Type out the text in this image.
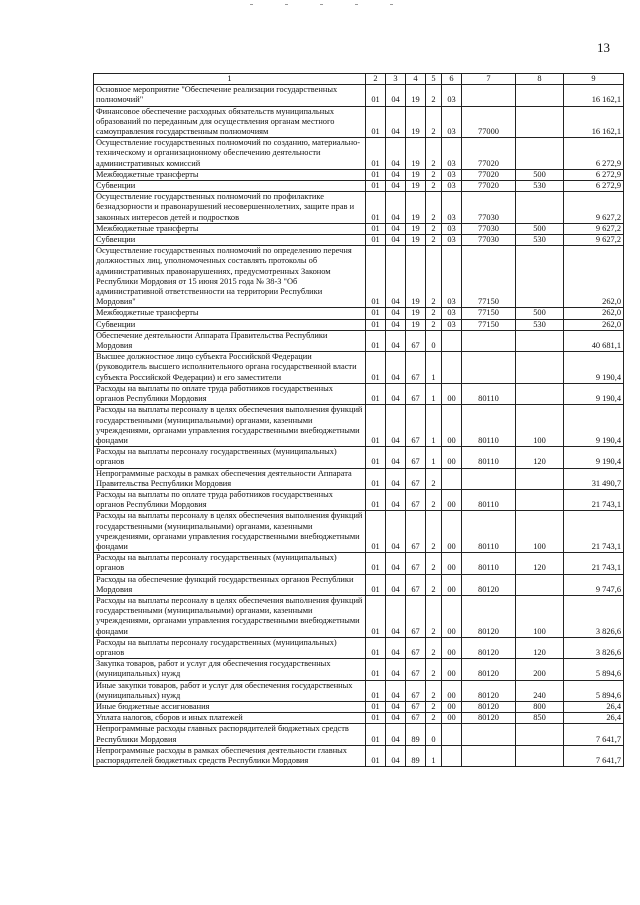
13
1	2	3	4	5	6	7	8	9
Основное мероприятие "Обеспечение реализации государственных полномочий"	01	04	19	2	03			16 162,1
Финансовое обеспечение расходных обязательств муниципальных образований по переданным для осуществления органам местного самоуправления государственным полномочиям	01	04	19	2	03	77000		16 162,1
Осуществление государственных полномочий по созданию, материально-техническому и организационному обеспечению деятельности административных комиссий	01	04	19	2	03	77020		6 272,9
Межбюджетные трансферты	01	04	19	2	03	77020	500	6 272,9
Субвенции	01	04	19	2	03	77020	530	6 272,9
Осуществление государственных полномочий по профилактике безнадзорности и правонарушений несовершеннолетних, защите прав и законных интересов детей и подростков	01	04	19	2	03	77030		9 627,2
Межбюджетные трансферты	01	04	19	2	03	77030	500	9 627,2
Субвенции	01	04	19	2	03	77030	530	9 627,2
Осуществление государственных полномочий по определению перечня должностных лиц, уполномоченных составлять протоколы об административных правонарушениях, предусмотренных Законом Республики Мордовия от 15 июня 2015 года № 38-З "Об административной ответственности на территории Республики Мордовия"	01	04	19	2	03	77150		262,0
Межбюджетные трансферты	01	04	19	2	03	77150	500	262,0
Субвенции	01	04	19	2	03	77150	530	262,0
Обеспечение деятельности Аппарата Правительства Республики Мордовия	01	04	67	0				40 681,1
Высшее должностное лицо субъекта Российской Федерации (руководитель высшего исполнительного органа государственной власти субъекта Российской Федерации) и его заместители	01	04	67	1				9 190,4
Расходы на выплаты по оплате труда работников государственных органов Республики Мордовия	01	04	67	1	00	80110		9 190,4
Расходы на выплаты персоналу в целях обеспечения выполнения функций государственными (муниципальными) органами, казенными учреждениями, органами управления государственными внебюджетными фондами	01	04	67	1	00	80110	100	9 190,4
Расходы на выплаты персоналу государственных (муниципальных) органов	01	04	67	1	00	80110	120	9 190,4
Непрограммные расходы в рамках обеспечения деятельности Аппарата Правительства Республики Мордовия	01	04	67	2				31 490,7
Расходы на выплаты по оплате труда работников государственных органов Республики Мордовия	01	04	67	2	00	80110		21 743,1
Расходы на выплаты персоналу в целях обеспечения выполнения функций государственными (муниципальными) органами, казенными учреждениями, органами управления государственными внебюджетными фондами	01	04	67	2	00	80110	100	21 743,1
Расходы на выплаты персоналу государственных (муниципальных) органов	01	04	67	2	00	80110	120	21 743,1
Расходы на обеспечение функций государственных органов Республики Мордовия	01	04	67	2	00	80120		9 747,6
Расходы на выплаты персоналу в целях обеспечения выполнения функций государственными (муниципальными) органами, казенными учреждениями, органами управления государственными внебюджетными фондами	01	04	67	2	00	80120	100	3 826,6
Расходы на выплаты персоналу государственных (муниципальных) органов	01	04	67	2	00	80120	120	3 826,6
Закупка товаров, работ и услуг для обеспечения государственных (муниципальных) нужд	01	04	67	2	00	80120	200	5 894,6
Иные закупки товаров, работ и услуг для обеспечения государственных (муниципальных) нужд	01	04	67	2	00	80120	240	5 894,6
Иные бюджетные ассигнования	01	04	67	2	00	80120	800	26,4
Уплата налогов, сборов и иных платежей	01	04	67	2	00	80120	850	26,4
Непрограммные расходы главных распорядителей бюджетных средств Республики Мордовия	01	04	89	0				7 641,7
Непрограммные расходы в рамках обеспечения деятельности главных распорядителей бюджетных средств Республики Мордовия	01	04	89	1				7 641,7
